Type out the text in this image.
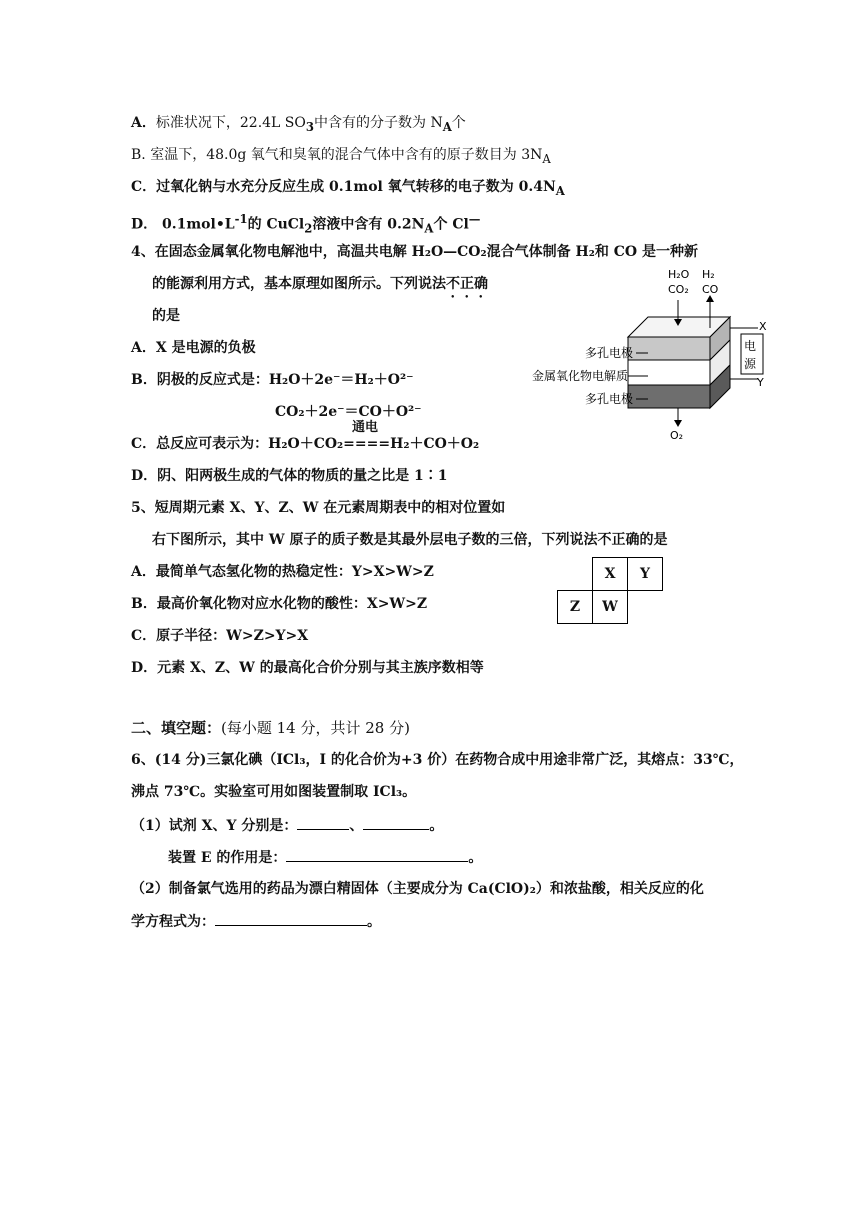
A．标准状况下，22.4L $SO_3$中含有的分子数为 $N_A$个
B. 室温下，48.0g 氧气和臭氧的混合气体中含有的原子数目为 $3N_A$
C．过氧化钠与水充分反应生成 0.1mol 氧气转移的电子数为 $0.4N_A$
D． $0.1mol•L^{-1}$的 CuCl$_2$溶液中含有 $0.2N_A$个 Cl—
4、在固态金属氧化物电解池中，高温共电解 H₂O—CO₂混合气体制备 H₂和 CO 是一种新
的能源利用方式，基本原理如图所示。下列说法不正确
的是
A．X 是电源的负极
B．阴极的反应式是：H₂O＋2e⁻＝H₂＋O²⁻
CO₂＋2e⁻＝CO＋O²⁻
通电
C．总反应可表示为：H₂O＋CO₂====H₂＋CO＋O₂
D．阴、阳两极生成的气体的物质的量之比是 1∶1
H₂O
CO₂
H₂
CO
O₂
多孔电极
金属氧化物电解质
多孔电极
电
源
X
Y
5、短周期元素 X、Y、Z、W 在元素周期表中的相对位置如
右下图所示，其中 W 原子的质子数是其最外层电子数的三倍，下列说法不正确的是
A．最简单气态氢化物的热稳定性：Y>X>W>Z
B．最高价氧化物对应水化物的酸性：X>W>Z
C．原子半径：W>Z>Y>X
D．元素 X、Z、W 的最高化合价分别与其主族序数相等
	X	Y
Z	W	
二、填空题：(每小题 14 分，共计 28 分)
6、(14 分)三氯化碘（ICl₃，I 的化合价为+3 价）在药物合成中用途非常广泛，其熔点：33℃，
沸点 73℃。实验室可用如图装置制取 ICl₃。
（1）试剂 X、Y 分别是：	、	。
装置 E 的作用是：	。
（2）制备氯气选用的药品为漂白精固体（主要成分为 Ca(ClO)₂）和浓盐酸，相关反应的化
学方程式为：	。
